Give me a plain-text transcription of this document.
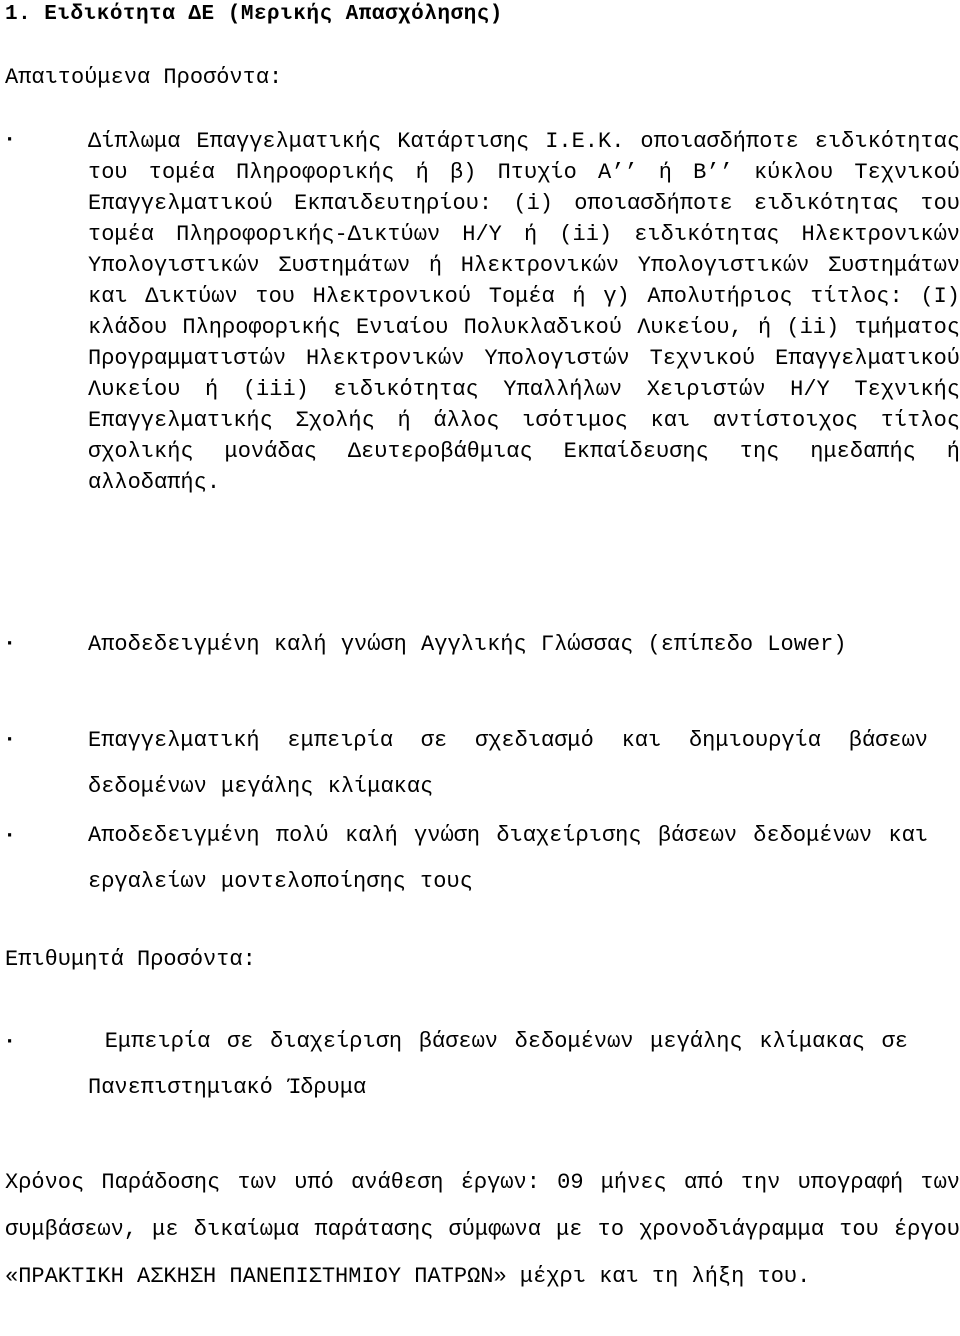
1. Ειδικότητα ΔΕ (Μερικής Απασχόλησης)
Απαιτούμενα Προσόντα:
·	Δίπλωμα Επαγγελματικής Κατάρτισης Ι.Ε.Κ. οποιασδήποτε ειδικότητας του τομέα Πληροφορικής ή β) Πτυχίο Α’’ ή Β’’ κύκλου Τεχνικού Επαγγελματικού Εκπαιδευτηρίου: (i) οποιασδήποτε ειδικότητας του τομέα Πληροφορικής-Δικτύων Η/Υ ή (ii) ειδικότητας Ηλεκτρονικών Υπολογιστικών Συστημάτων ή Ηλεκτρονικών Υπολογιστικών Συστημάτων και Δικτύων του Ηλεκτρονικού Τομέα ή γ) Απολυτήριος τίτλος: (I) κλάδου Πληροφορικής Ενιαίου Πολυκλαδικού Λυκείου, ή (ii) τμήματος Προγραμματιστών Ηλεκτρονικών Υπολογιστών Τεχνικού Επαγγελματικού Λυκείου ή (iii) ειδικότητας Υπαλλήλων Χειριστών Η/Υ Τεχνικής Επαγγελματικής Σχολής ή άλλος ισότιμος και αντίστοιχος τίτλος σχολικής μονάδας Δευτεροβάθμιας Εκπαίδευσης της ημεδαπής ή αλλοδαπής.
·	Αποδεδειγμένη καλή γνώση Αγγλικής Γλώσσας (επίπεδο Lower)
·	Επαγγελματική εμπειρία σε σχεδιασμό και δημιουργία βάσεων δεδομένων μεγάλης κλίμακας
·	Αποδεδειγμένη πολύ καλή γνώση διαχείρισης βάσεων δεδομένων και εργαλείων μοντελοποίησης τους
Επιθυμητά Προσόντα:
·	Εμπειρία σε διαχείριση βάσεων δεδομένων μεγάλης κλίμακας σε Πανεπιστημιακό Ίδρυμα
Χρόνος Παράδοσης των υπό ανάθεση έργων: 09 μήνες από την υπογραφή των συμβάσεων, με δικαίωμα παράτασης σύμφωνα με το χρονοδιάγραμμα του έργου «ΠΡΑΚΤΙΚΗ ΑΣΚΗΣΗ ΠΑΝΕΠΙΣΤΗΜΙΟΥ ΠΑΤΡΩΝ» μέχρι και τη λήξη του.
